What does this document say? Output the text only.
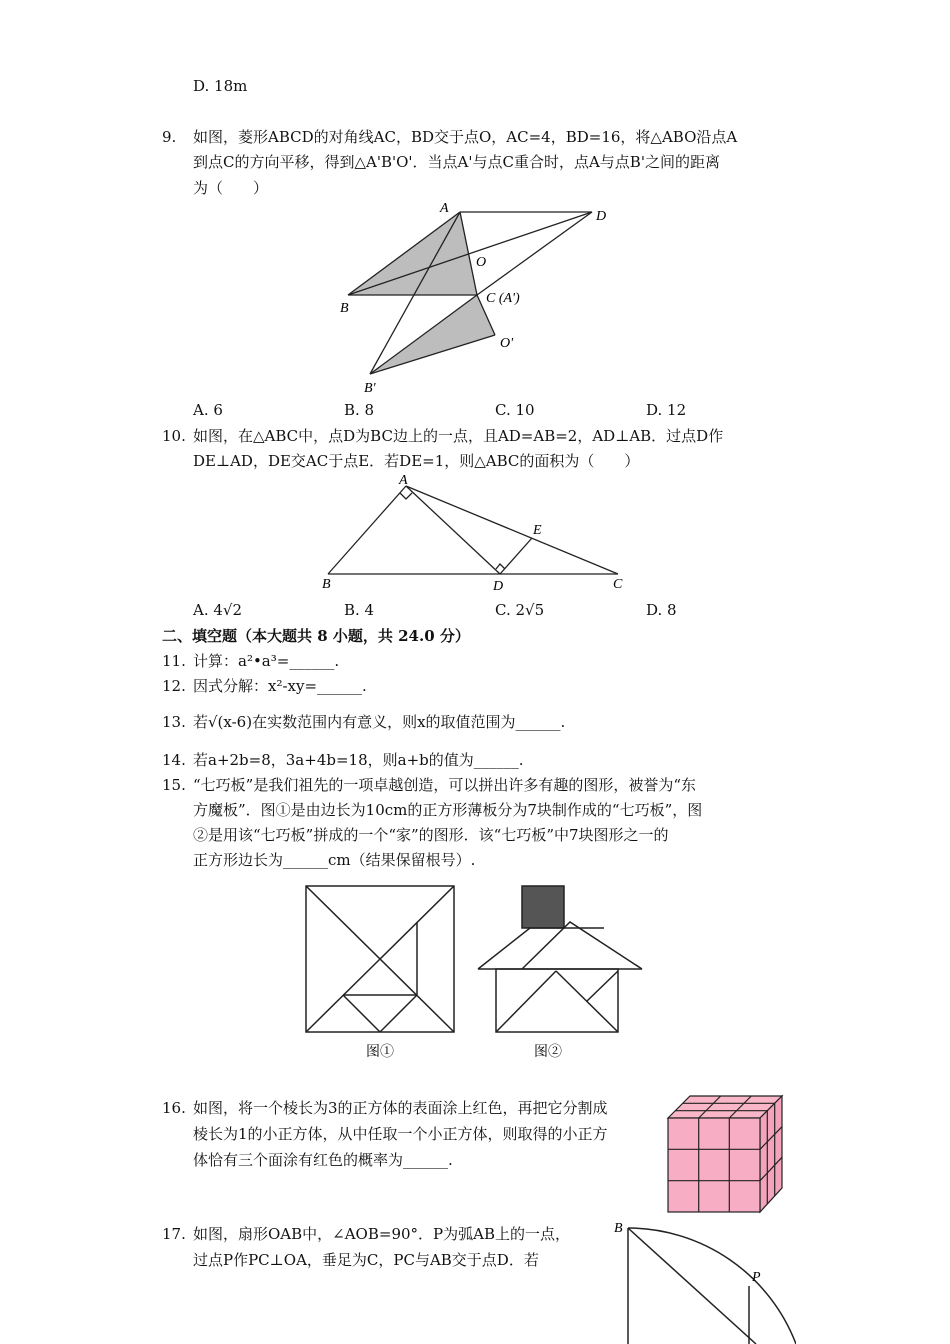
D. 18m
9. 如图，菱形ABCD的对角线AC，BD交于点O，AC=4，BD=16，将△ABO沿点A
到点C的方向平移，得到△A'B'O'．当点A'与点C重合时，点A与点B'之间的距离
为（　　）
A
D
O
B
C (A')
O'
B'
A. 6	B. 8	C. 10	D. 12
10. 如图，在△ABC中，点D为BC边上的一点，且AD=AB=2，AD⊥AB．过点D作
DE⊥AD，DE交AC于点E．若DE=1，则△ABC的面积为（　　）
A
B	D	C
E
A. 4√2	B. 4	C. 2√5	D. 8
二、填空题（本大题共 8 小题，共 24.0 分）
11. 计算：a²•a³=______.
12. 因式分解：x²-xy=______.
13. 若√(x-6)在实数范围内有意义，则x的取值范围为______.
14. 若a+2b=8，3a+4b=18，则a+b的值为______.
15. “七巧板”是我们祖先的一项卓越创造，可以拼出许多有趣的图形，被誉为“东
方魔板”．图①是由边长为10cm的正方形薄板分为7块制作成的“七巧板”，图
②是用该“七巧板”拼成的一个“家”的图形．该“七巧板”中7块图形之一的
正方形边长为______cm（结果保留根号）.
图①	图②
16. 如图，将一个棱长为3的正方体的表面涂上红色，再把它分割成
棱长为1的小正方体，从中任取一个小正方体，则取得的小正方
体恰有三个面涂有红色的概率为______.
17. 如图，扇形OAB中，∠AOB=90°．P为弧AB上的一点，
过点P作PC⊥OA，垂足为C，PC与AB交于点D．若
B
P
